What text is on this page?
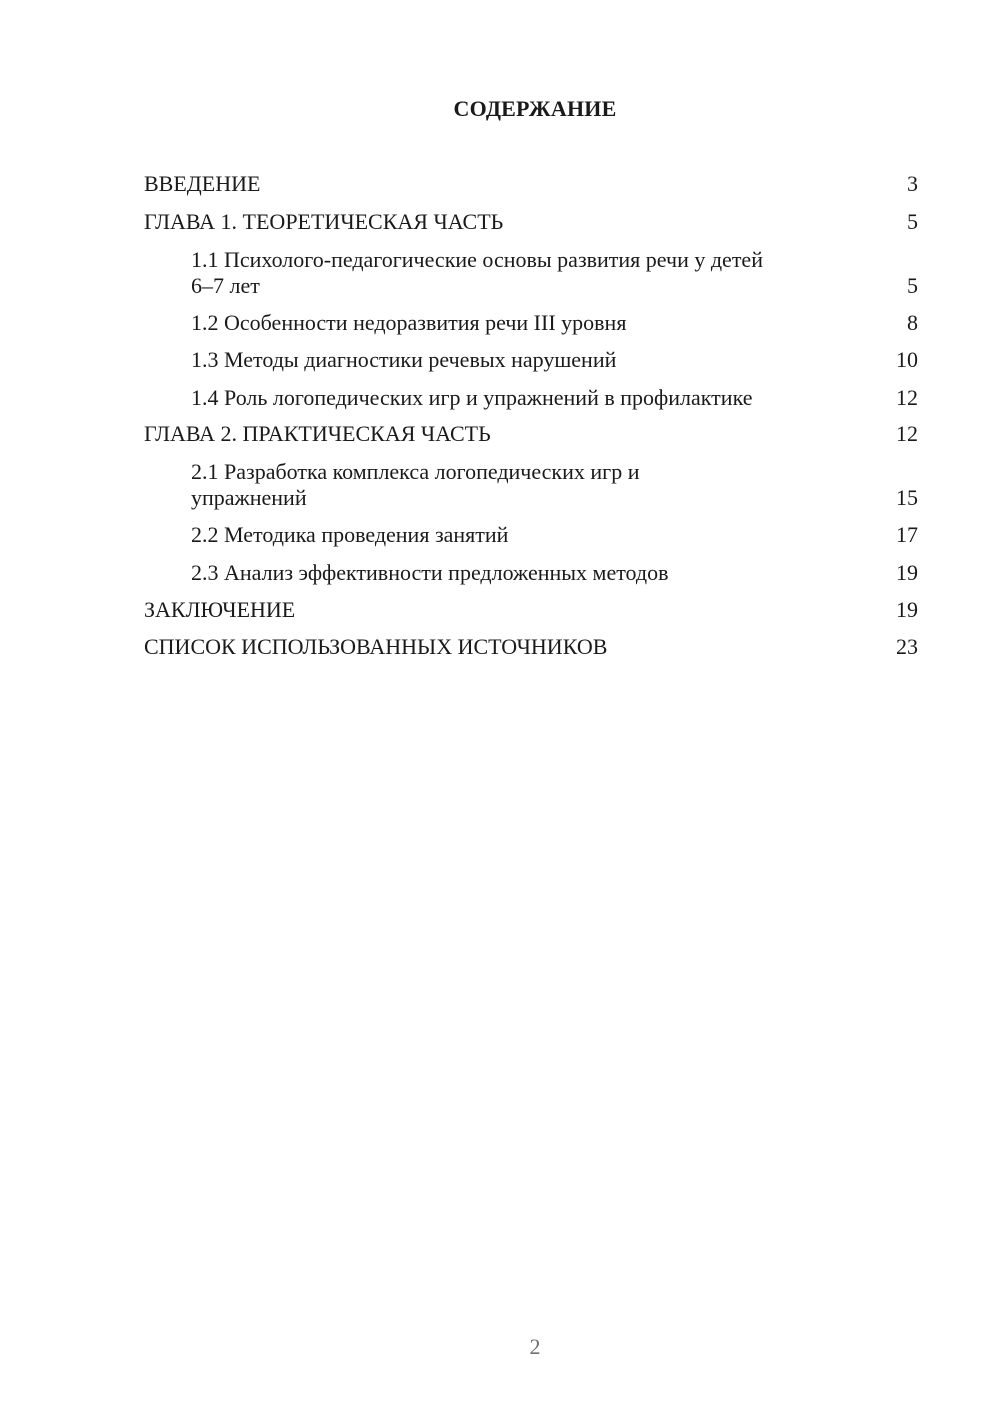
СОДЕРЖАНИЕ
ВВЕДЕНИЕ	3
ГЛАВА 1. ТЕОРЕТИЧЕСКАЯ ЧАСТЬ	5
1.1 Психолого-педагогические основы развития речи у детей 6–7 лет	5
1.2 Особенности недоразвития речи III уровня	8
1.3 Методы диагностики речевых нарушений	10
1.4 Роль логопедических игр и упражнений в профилактике	12
ГЛАВА 2. ПРАКТИЧЕСКАЯ ЧАСТЬ	12
2.1 Разработка комплекса логопедических игр и упражнений	15
2.2 Методика проведения занятий	17
2.3 Анализ эффективности предложенных методов	19
ЗАКЛЮЧЕНИЕ	19
СПИСОК ИСПОЛЬЗОВАННЫХ ИСТОЧНИКОВ	23
2
